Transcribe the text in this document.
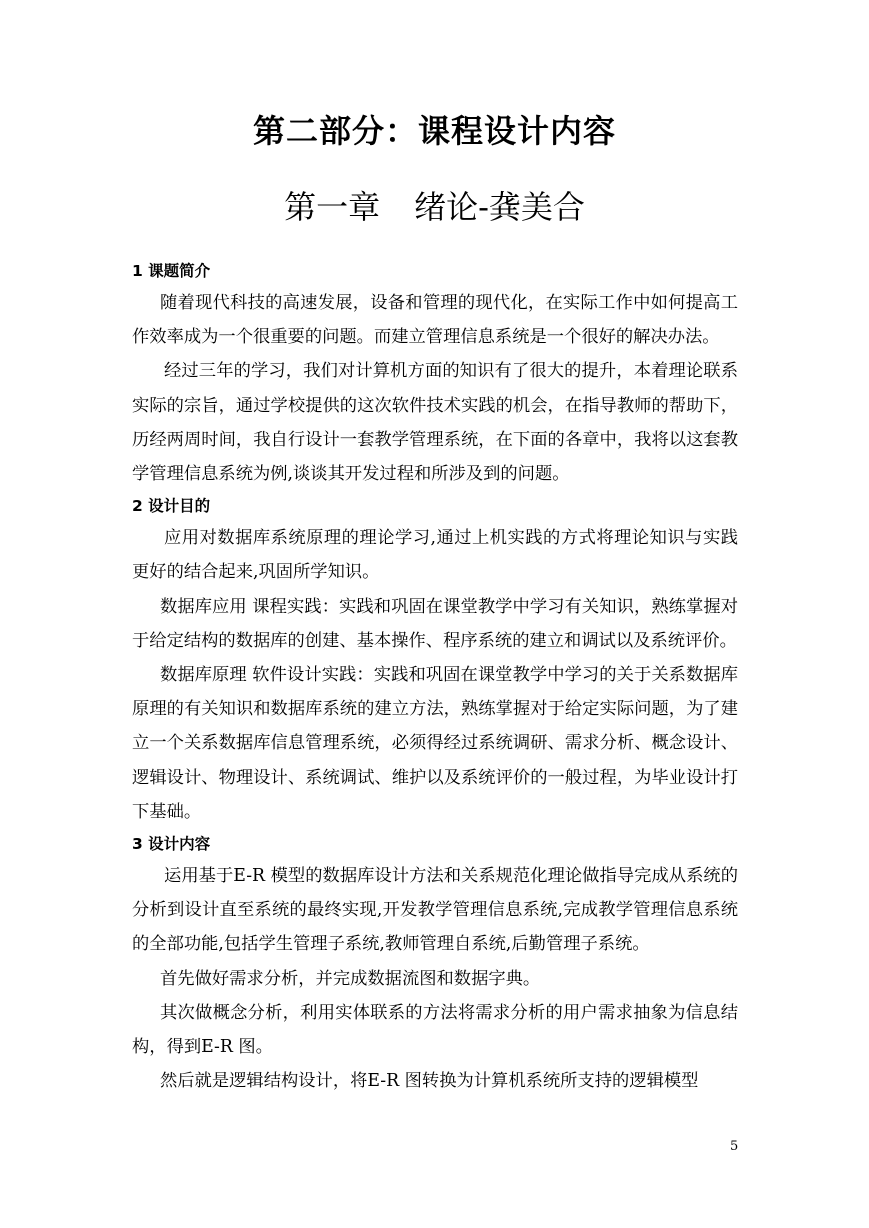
第二部分：课程设计内容
第一章 绪论-龚美合
1 课题简介

随着现代科技的高速发展，设备和管理的现代化，在实际工作中如何提高工作效率成为一个很重要的问题。而建立管理信息系统是一个很好的解决办法。

经过三年的学习，我们对计算机方面的知识有了很大的提升，本着理论联系实际的宗旨，通过学校提供的这次软件技术实践的机会，在指导教师的帮助下，历经两周时间，我自行设计一套教学管理系统，在下面的各章中，我将以这套教学管理信息系统为例,谈谈其开发过程和所涉及到的问题。

2 设计目的

应用对数据库系统原理的理论学习,通过上机实践的方式将理论知识与实践更好的结合起来,巩固所学知识。

数据库应用 课程实践：实践和巩固在课堂教学中学习有关知识，熟练掌握对于给定结构的数据库的创建、基本操作、程序系统的建立和调试以及系统评价。

数据库原理 软件设计实践：实践和巩固在课堂教学中学习的关于关系数据库原理的有关知识和数据库系统的建立方法，熟练掌握对于给定实际问题，为了建立一个关系数据库信息管理系统，必须得经过系统调研、需求分析、概念设计、逻辑设计、物理设计、系统调试、维护以及系统评价的一般过程，为毕业设计打下基础。

3 设计内容

运用基于E-R 模型的数据库设计方法和关系规范化理论做指导完成从系统的分析到设计直至系统的最终实现,开发教学管理信息系统,完成教学管理信息系统的全部功能,包括学生管理子系统,教师管理自系统,后勤管理子系统。

首先做好需求分析，并完成数据流图和数据字典。

其次做概念分析，利用实体联系的方法将需求分析的用户需求抽象为信息结构，得到E-R 图。

然后就是逻辑结构设计，将E-R 图转换为计算机系统所支持的逻辑模型

5
